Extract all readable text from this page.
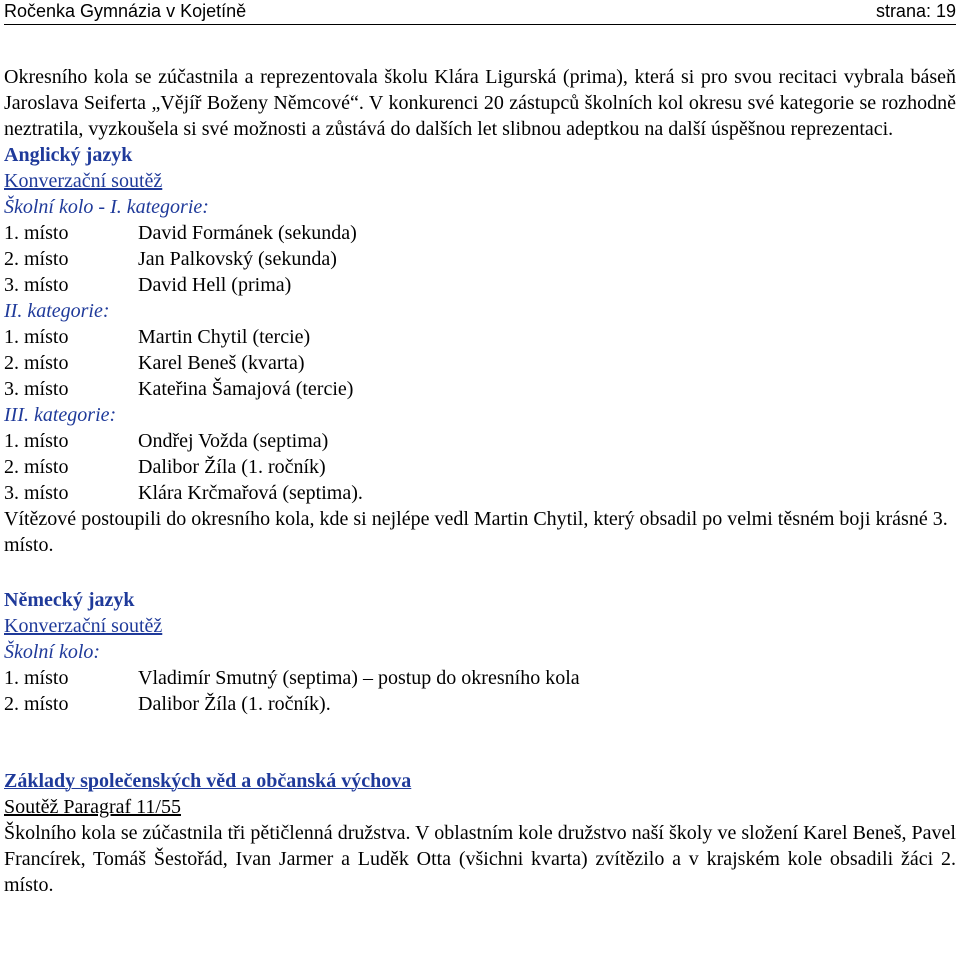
Ročenka Gymnázia v Kojetíně	strana: 19

Okresního kola se zúčastnila a reprezentovala školu Klára Ligurská (prima), která si pro svou recitaci vybrala báseň Jaroslava Seiferta „Vějíř Boženy Němcové“. V konkurenci 20 zástupců školních kol okresu své kategorie se rozhodně neztratila, vyzkoušela si své možnosti a zůstává do dalších let slibnou adeptkou na další úspěšnou reprezentaci.

Anglický jazyk

Konverzační soutěž

Školní kolo - I. kategorie:

1. místo	David Formánek (sekunda)
2. místo	Jan Palkovský (sekunda)
3. místo	David Hell (prima)

II. kategorie:

1. místo	Martin Chytil (tercie)
2. místo	Karel Beneš (kvarta)
3. místo	Kateřina Šamajová (tercie)

III. kategorie:

1. místo	Ondřej Vožda (septima)
2. místo	Dalibor Žíla (1. ročník)
3. místo	Klára Krčmařová (septima).

Vítězové postoupili do okresního kola, kde si nejlépe vedl Martin Chytil, který obsadil po velmi těsném boji krásné 3. místo.

Německý jazyk

Konverzační soutěž

Školní kolo:

1. místo	Vladimír Smutný (septima) – postup do okresního kola
2. místo	Dalibor Žíla (1. ročník).

Základy společenských věd a občanská výchova

Soutěž Paragraf 11/55

Školního kola se zúčastnila tři pětičlenná družstva. V oblastním kole družstvo naší školy ve složení Karel Beneš, Pavel Francírek, Tomáš Šestořád, Ivan Jarmer a Luděk Otta (všichni kvarta) zvítězilo a v krajském kole obsadili žáci 2. místo.
